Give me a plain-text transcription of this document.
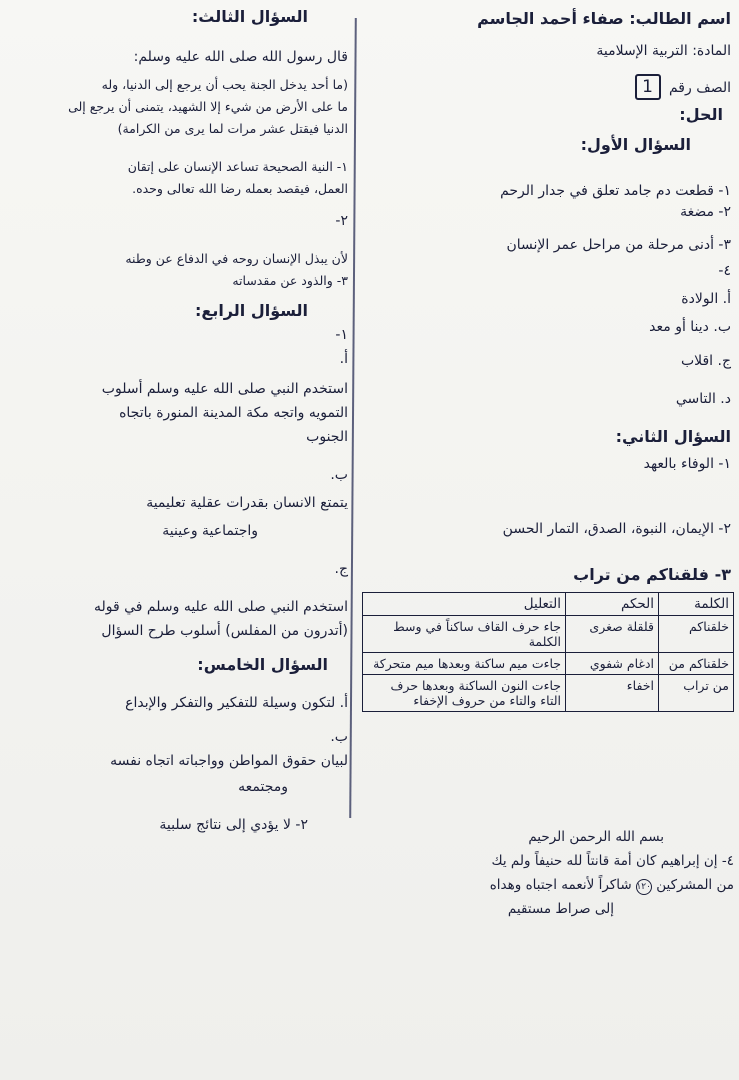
اسم الطالب: صفاء أحمد الجاسم
المادة: التربية الإسلامية
الصف رقم 1
الحل:
السؤال الأول:
١- قطعت دم جامد تعلق في جدار الرحم
٢- مضغة
٣- أدنى مرحلة من مراحل عمر الإنسان
٤-
أ. الولادة
ب. دينا أو معد
ج. اقلاب
د. التاسي
السؤال الثاني:
١- الوفاء بالعهد
٢- الإيمان، النبوة، الصدق، التمار الحسن
٣- فلقناكم من تراب
الكلمة	الحكم	التعليل
خلقناكم	قلقلة صغرى	جاء حرف القاف ساكناً في وسط الكلمة
خلقناكم من	ادغام شفوي	جاءت ميم ساكنة وبعدها ميم متحركة
من تراب	اخفاء	جاءت النون الساكنة وبعدها حرف التاء والتاء من حروف الإخفاء
بسم الله الرحمن الرحيم
٤- إن إبراهيم كان أمة قانتاً لله حنيفاً ولم يك
من المشركين ١٢٠ شاكراً لأنعمه اجتباه وهداه
إلى صراط مستقيم
السؤال الثالث:
قال رسول الله صلى الله عليه وسلم:
(ما أحد يدخل الجنة يحب أن يرجع إلى الدنيا، وله
ما على الأرض من شيء إلا الشهيد، يتمنى أن يرجع إلى
الدنيا فيقتل عشر مرات لما يرى من الكرامة)
١- النية الصحيحة تساعد الإنسان على إتقان
العمل، فيقصد بعمله رضا الله تعالى وحده.
٢-
لأن يبذل الإنسان روحه في الدفاع عن وطنه
٣- والذود عن مقدساته
السؤال الرابع:
١-
أ.
استخدم النبي صلى الله عليه وسلم أسلوب
التمويه واتجه مكة المدينة المنورة باتجاه
الجنوب
ب.
يتمتع الانسان بقدرات عقلية تعليمية
واجتماعية وعينية
ج.
استخدم النبي صلى الله عليه وسلم في قوله
(أتدرون من المفلس) أسلوب طرح السؤال
السؤال الخامس:
أ. لتكون وسيلة للتفكير والتفكر والإبداع
ب.
لبيان حقوق المواطن وواجباته اتجاه نفسه
ومجتمعه
٢- لا يؤدي إلى نتائج سلبية
